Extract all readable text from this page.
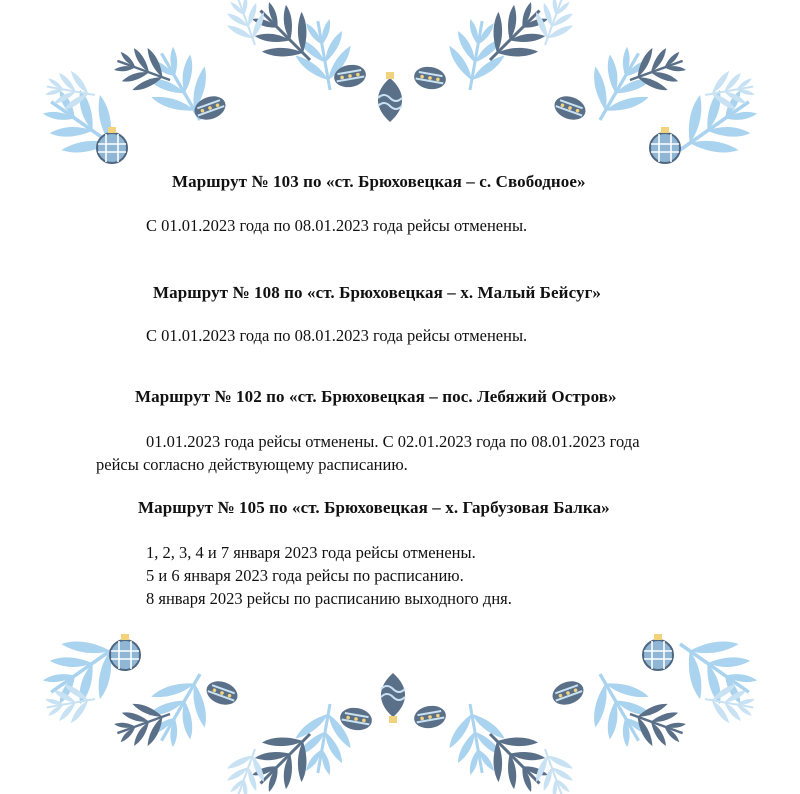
Маршрут № 103 по «ст. Брюховецкая – с. Свободное»
С 01.01.2023 года по 08.01.2023 года рейсы отменены.
Маршрут № 108 по «ст. Брюховецкая – х. Малый Бейсуг»
С 01.01.2023 года по 08.01.2023 года рейсы отменены.
Маршрут № 102 по «ст. Брюховецкая – пос. Лебяжий Остров»
01.01.2023 года рейсы отменены. С 02.01.2023 года по 08.01.2023 года
рейсы согласно действующему расписанию.
Маршрут № 105 по «ст. Брюховецкая – х. Гарбузовая Балка»
1, 2, 3, 4 и 7 января 2023 года рейсы отменены.
5 и 6 января 2023 года рейсы по расписанию.
8 января 2023 рейсы по расписанию выходного дня.
